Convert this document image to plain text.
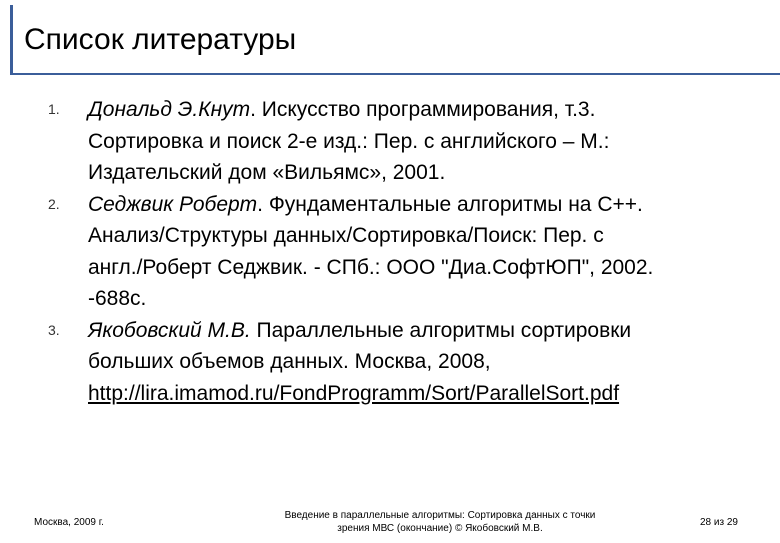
Список литературы
1.	Дональд Э.Кнут. Искусство программирования, т.3.
Сортировка и поиск 2-е изд.: Пер. с английского – М.:
Издательский дом «Вильямс», 2001.
2.	Седжвик Роберт. Фундаментальные алгоритмы на С++.
Анализ/Структуры данных/Сортировка/Поиск: Пер. с
англ./Роберт Седжвик. - СПб.: ООО "Диа.СофтЮП", 2002.
-688с.
3.	Якобовский М.В. Параллельные алгоритмы сортировки
больших объемов данных. Москва, 2008,
http://lira.imamod.ru/FondProgramm/Sort/ParallelSort.pdf
Москва, 2009 г.
Введение в параллельные алгоритмы: Сортировка данных с точки
зрения МВС (окончание) © Якобовский М.В.
28 из 29
